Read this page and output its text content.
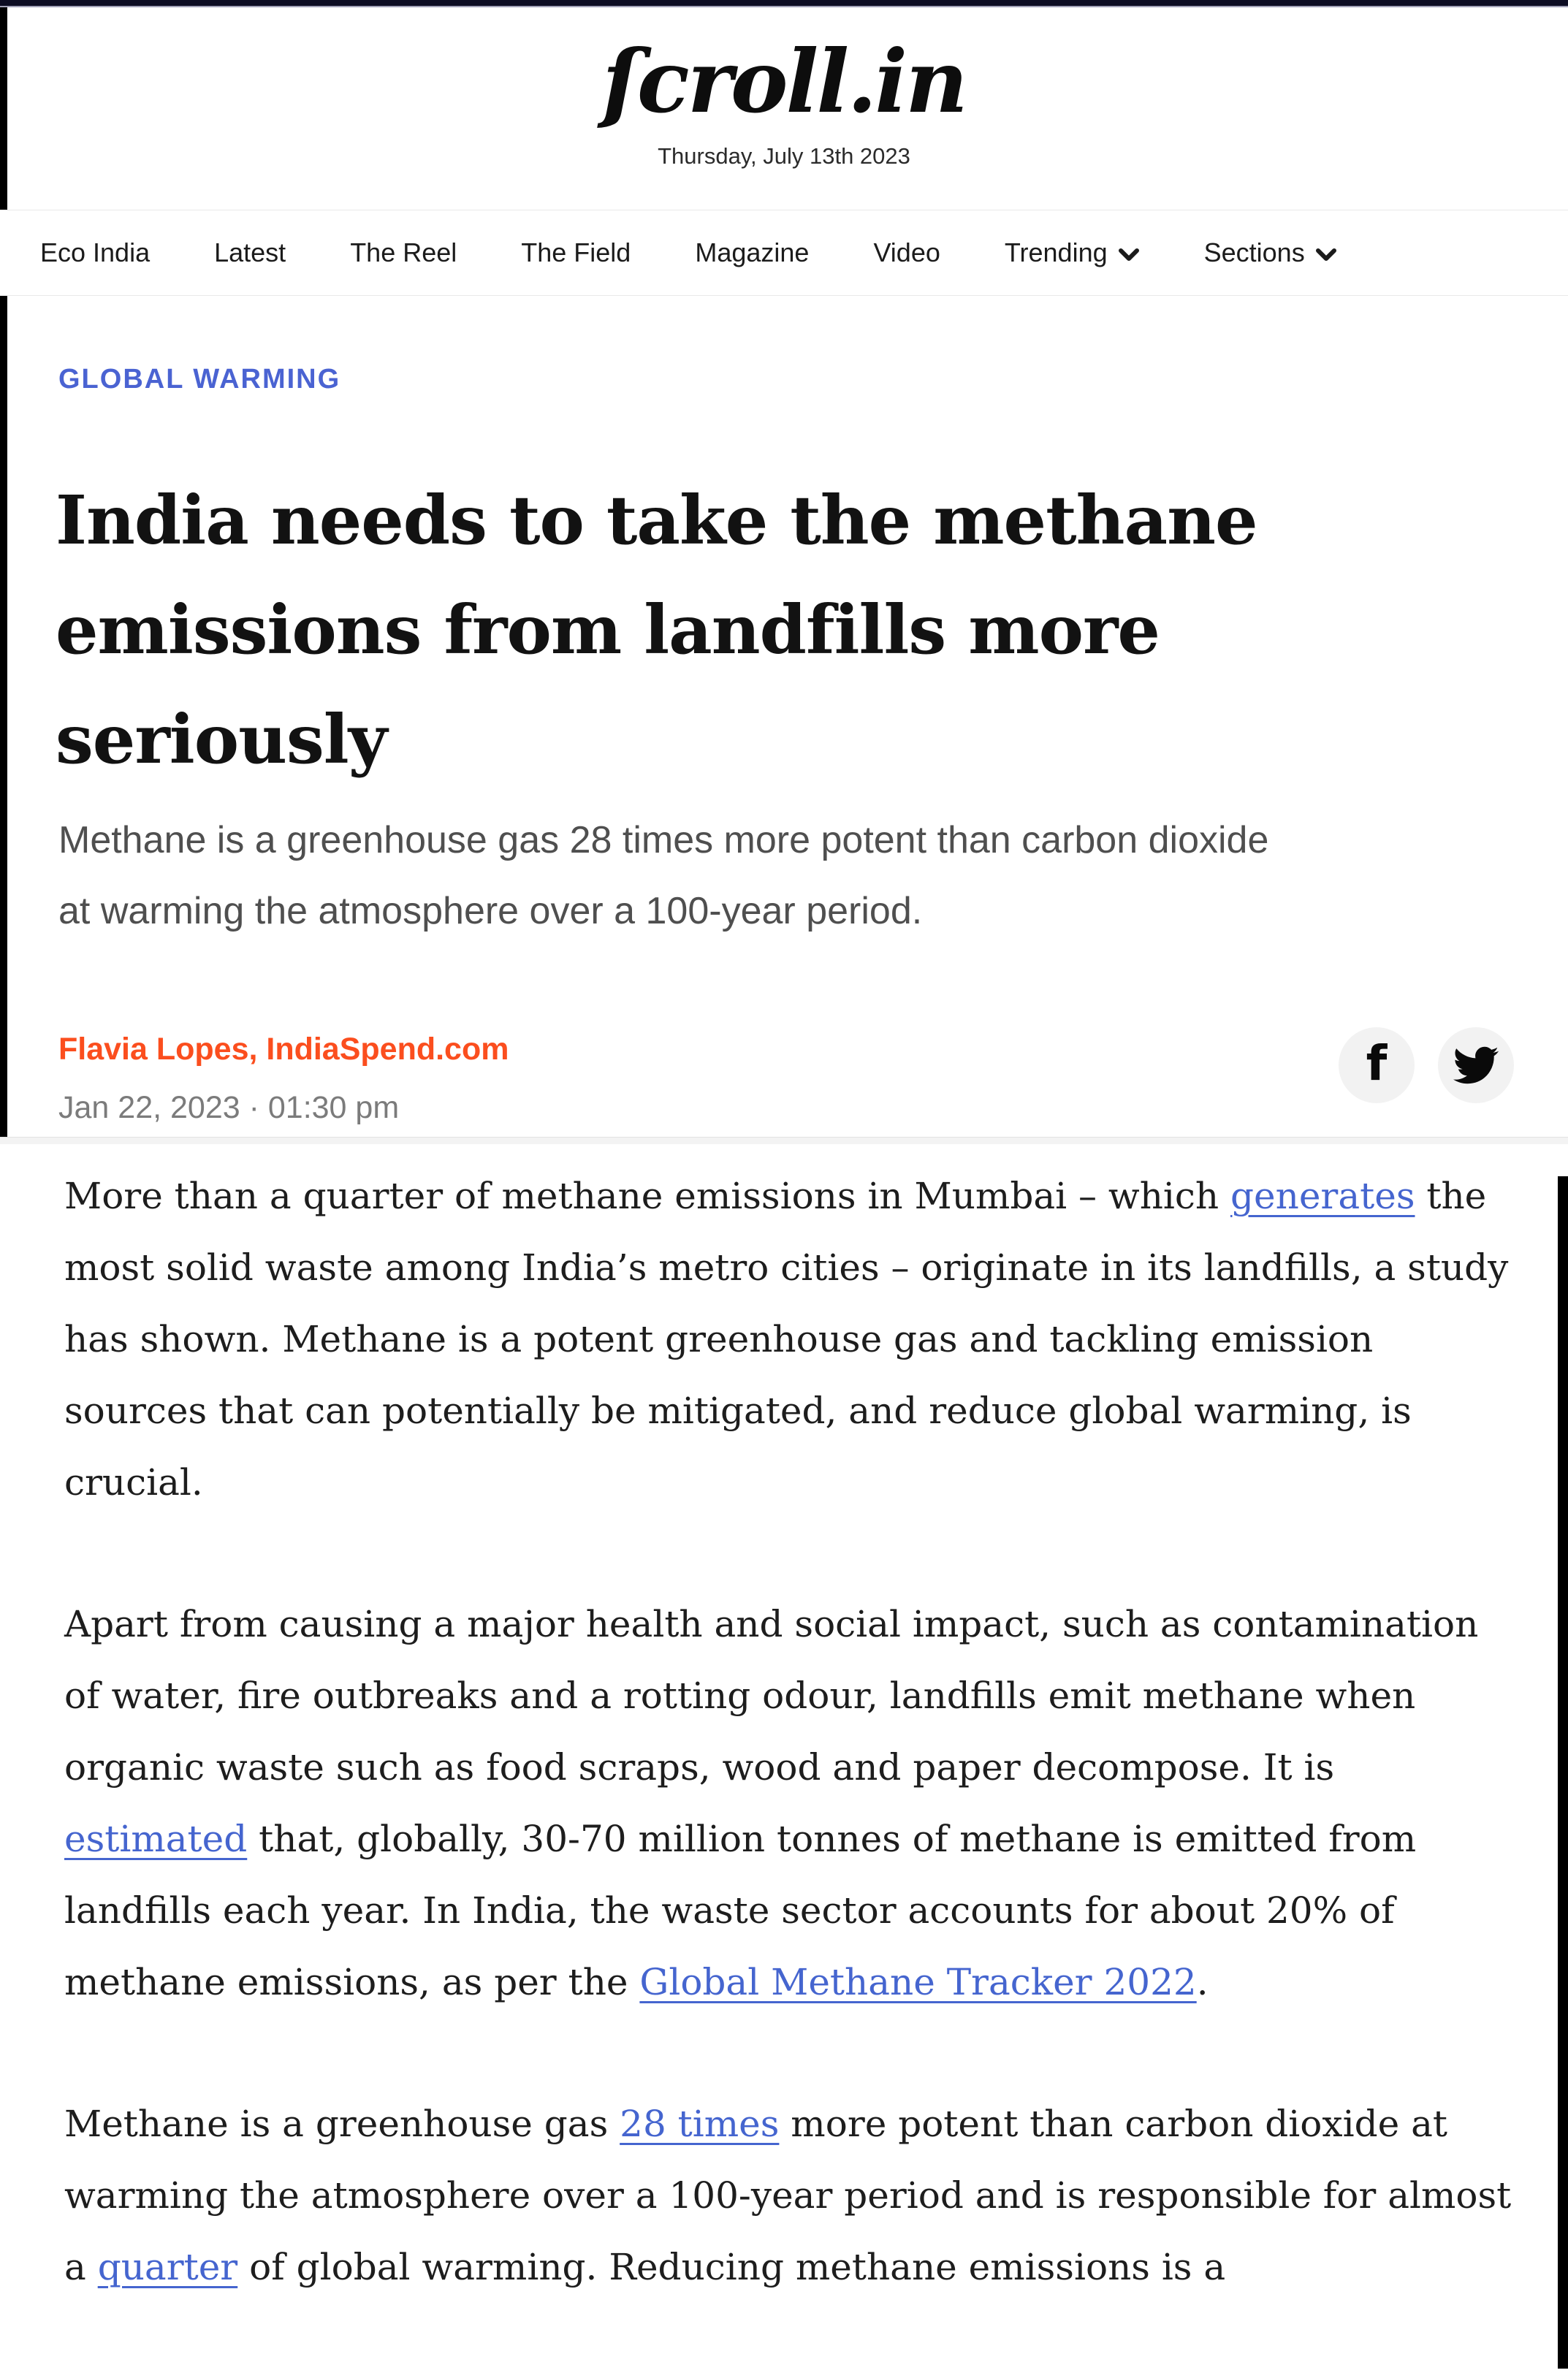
ſcroll.in
Thursday, July 13th 2023
Eco India Latest The Reel The Field Magazine Video Trending	Sections
GLOBAL WARMING
India needs to take the methane emissions from landfills more seriously
Methane is a greenhouse gas 28 times more potent than carbon dioxide at warming the atmosphere over a 100-year period.
Flavia Lopes, IndiaSpend.com
Jan 22, 2023 · 01:30 pm
f

More than a quarter of methane emissions in Mumbai – which generates the most solid waste among India’s metro cities – originate in its landfills, a study has shown. Methane is a potent greenhouse gas and tackling emission sources that can potentially be mitigated, and reduce global warming, is crucial.

Apart from causing a major health and social impact, such as contamination of water, fire outbreaks and a rotting odour, landfills emit methane when organic waste such as food scraps, wood and paper decompose. It is estimated that, globally, 30-70 million tonnes of methane is emitted from landfills each year. In India, the waste sector accounts for about 20% of methane emissions, as per the Global Methane Tracker 2022.

Methane is a greenhouse gas 28 times more potent than carbon dioxide at warming the atmosphere over a 100-year period and is responsible for almost a quarter of global warming. Reducing methane emissions is a
